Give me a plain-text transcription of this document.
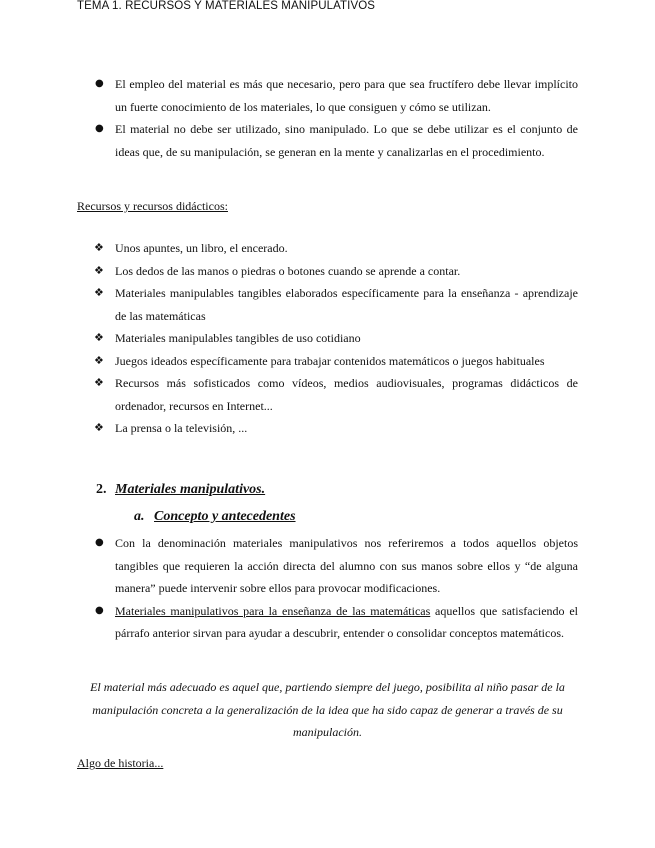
TEMA 1. RECURSOS Y MATERIALES MANIPULATIVOS
● El empleo del material es más que necesario, pero para que sea fructífero debe llevar implícito un fuerte conocimiento de los materiales, lo que consiguen y cómo se utilizan.
● El material no debe ser utilizado, sino manipulado. Lo que se debe utilizar es el conjunto de ideas que, de su manipulación, se generan en la mente y canalizarlas en el procedimiento.
Recursos y recursos didácticos:
❖ Unos apuntes, un libro, el encerado.
❖ Los dedos de las manos o piedras o botones cuando se aprende a contar.
❖ Materiales manipulables tangibles elaborados específicamente para la enseñanza - aprendizaje de las matemáticas
❖ Materiales manipulables tangibles de uso cotidiano
❖ Juegos ideados específicamente para trabajar contenidos matemáticos o juegos habituales
❖ Recursos más sofisticados como vídeos, medios audiovisuales, programas didácticos de ordenador, recursos en Internet...
❖ La prensa o la televisión, ...
2. Materiales manipulativos.
a. Concepto y antecedentes
● Con la denominación materiales manipulativos nos referiremos a todos aquellos objetos tangibles que requieren la acción directa del alumno con sus manos sobre ellos y “de alguna manera” puede intervenir sobre ellos para provocar modificaciones.
● Materiales manipulativos para la enseñanza de las matemáticas aquellos que satisfaciendo el párrafo anterior sirvan para ayudar a descubrir, entender o consolidar conceptos matemáticos.
El material más adecuado es aquel que, partiendo siempre del juego, posibilita al niño pasar de la manipulación concreta a la generalización de la idea que ha sido capaz de generar a través de su manipulación.
Algo de historia...
